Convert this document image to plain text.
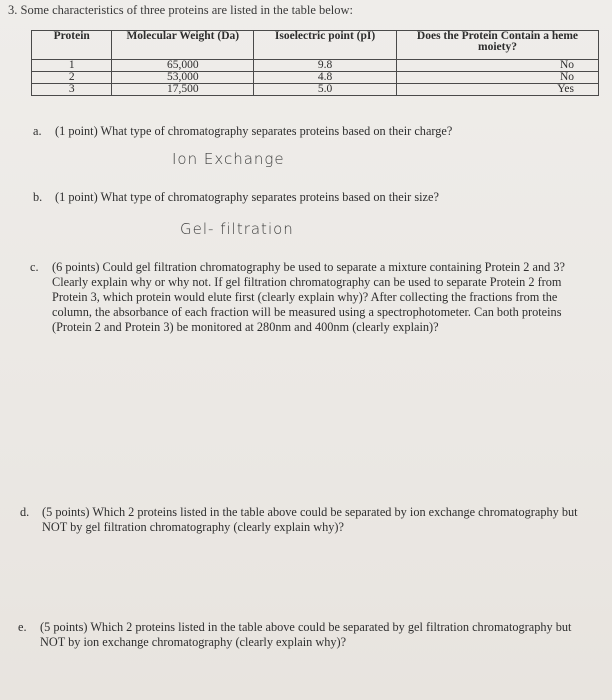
3. Some characteristics of three proteins are listed in the table below:
Protein	Molecular Weight (Da)	Isoelectric point (pI)	Does the Protein Contain a heme moiety?
1	65,000	9.8	No
2	53,000	4.8	No
3	17,500	5.0	Yes
a. (1 point) What type of chromatography separates proteins based on their charge?
Ion Exchange
b. (1 point) What type of chromatography separates proteins based on their size?
Gel- filtration
c. (6 points) Could gel filtration chromatography be used to separate a mixture containing Protein 2 and 3? Clearly explain why or why not. If gel filtration chromatography can be used to separate Protein 2 from Protein 3, which protein would elute first (clearly explain why)? After collecting the fractions from the column, the absorbance of each fraction will be measured using a spectrophotometer. Can both proteins (Protein 2 and Protein 3) be monitored at 280nm and 400nm (clearly explain)?
d. (5 points) Which 2 proteins listed in the table above could be separated by ion exchange chromatography but NOT by gel filtration chromatography (clearly explain why)?
e. (5 points) Which 2 proteins listed in the table above could be separated by gel filtration chromatography but NOT by ion exchange chromatography (clearly explain why)?
